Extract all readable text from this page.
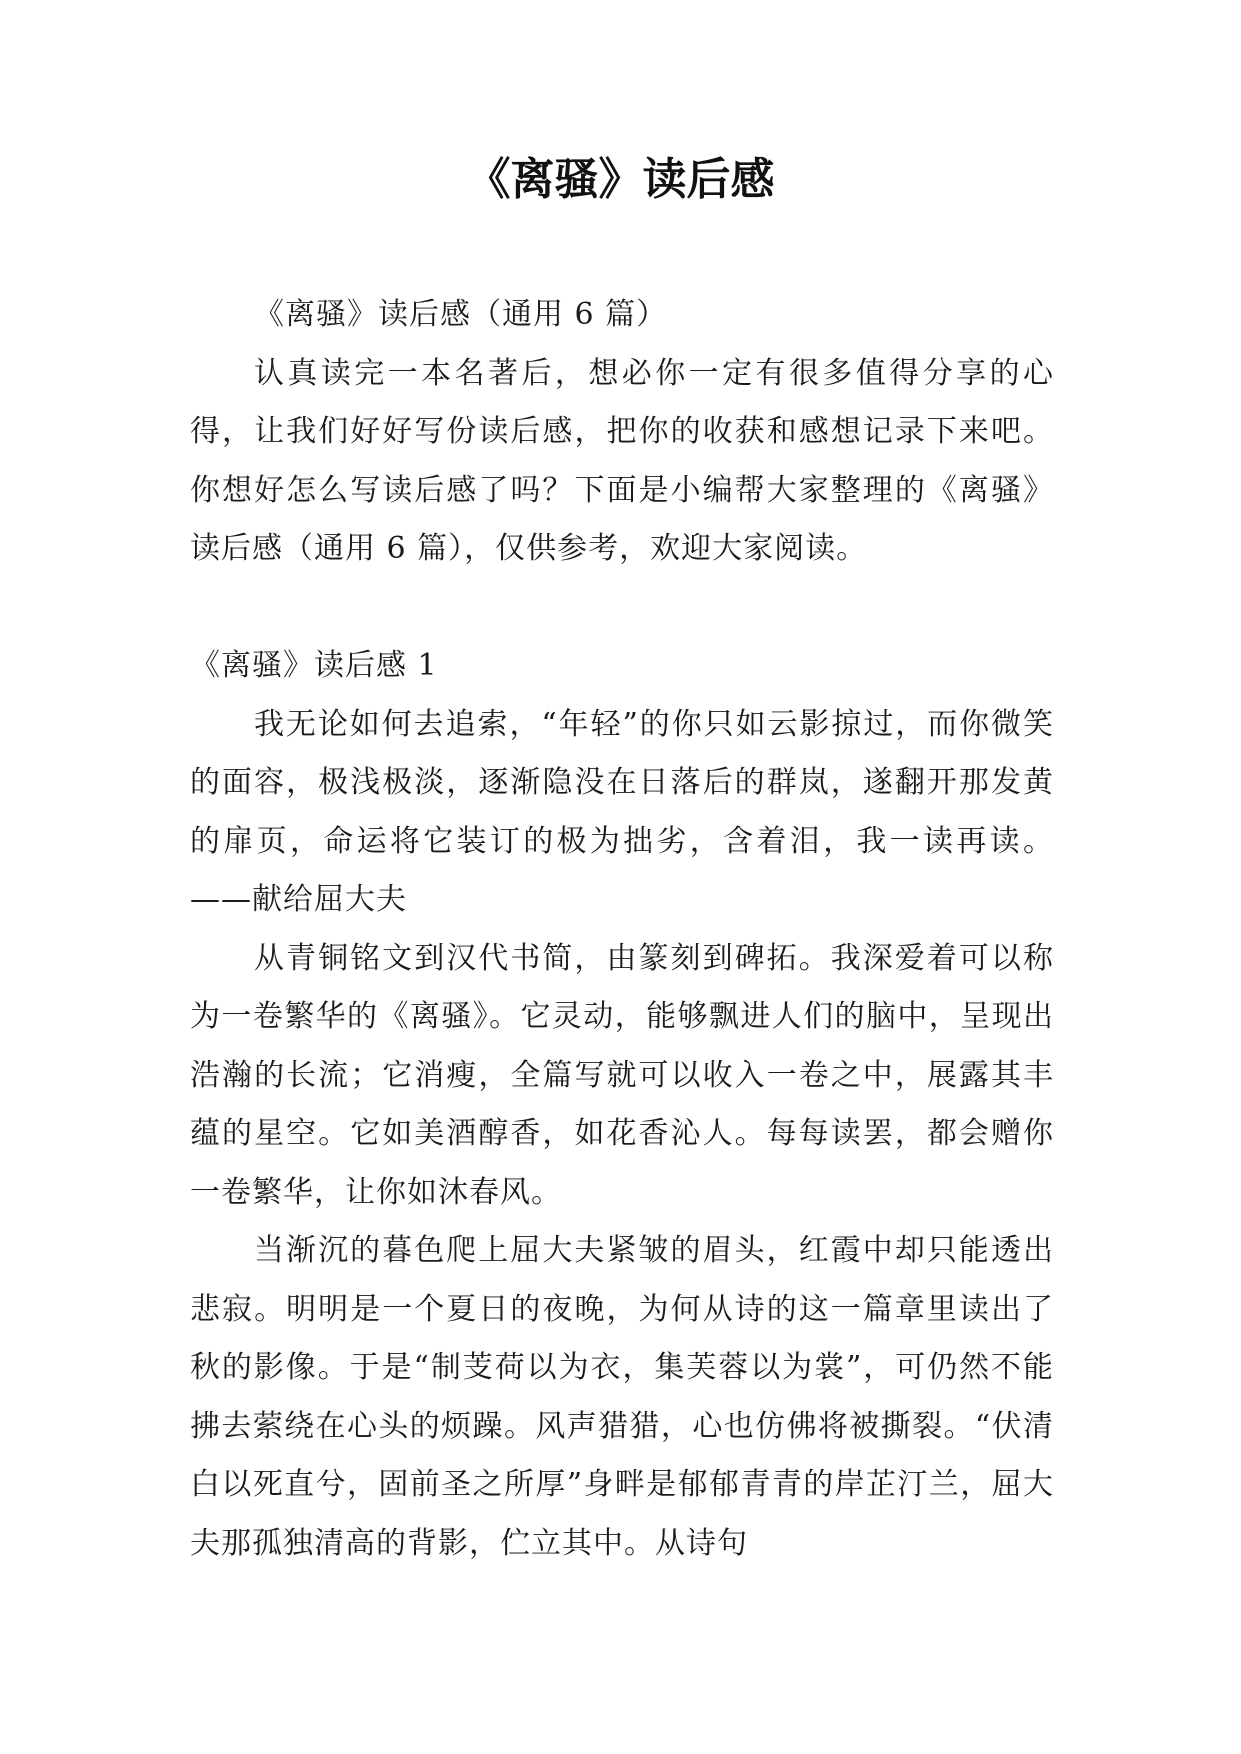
《离骚》读后感

《离骚》读后感（通用 6 篇）

认真读完一本名著后，想必你一定有很多值得分享的心得，让我们好好写份读后感，把你的收获和感想记录下来吧。你想好怎么写读后感了吗？下面是小编帮大家整理的《离骚》读后感（通用 6 篇），仅供参考，欢迎大家阅读。

《离骚》读后感 1

我无论如何去追索，“年轻”的你只如云影掠过，而你微笑的面容，极浅极淡，逐渐隐没在日落后的群岚，遂翻开那发黄的扉页，命运将它装订的极为拙劣，含着泪，我一读再读。——献给屈大夫

从青铜铭文到汉代书简，由篆刻到碑拓。我深爱着可以称为一卷繁华的《离骚》。它灵动，能够飘进人们的脑中，呈现出浩瀚的长流；它消瘦，全篇写就可以收入一卷之中，展露其丰蕴的星空。它如美酒醇香，如花香沁人。每每读罢，都会赠你一卷繁华，让你如沐春风。

当渐沉的暮色爬上屈大夫紧皱的眉头，红霞中却只能透出悲寂。明明是一个夏日的夜晚，为何从诗的这一篇章里读出了秋的影像。于是“制芰荷以为衣，集芙蓉以为裳”，可仍然不能拂去萦绕在心头的烦躁。风声猎猎，心也仿佛将被撕裂。“伏清白以死直兮，固前圣之所厚”身畔是郁郁青青的岸芷汀兰，屈大夫那孤独清高的背影，伫立其中。从诗句
